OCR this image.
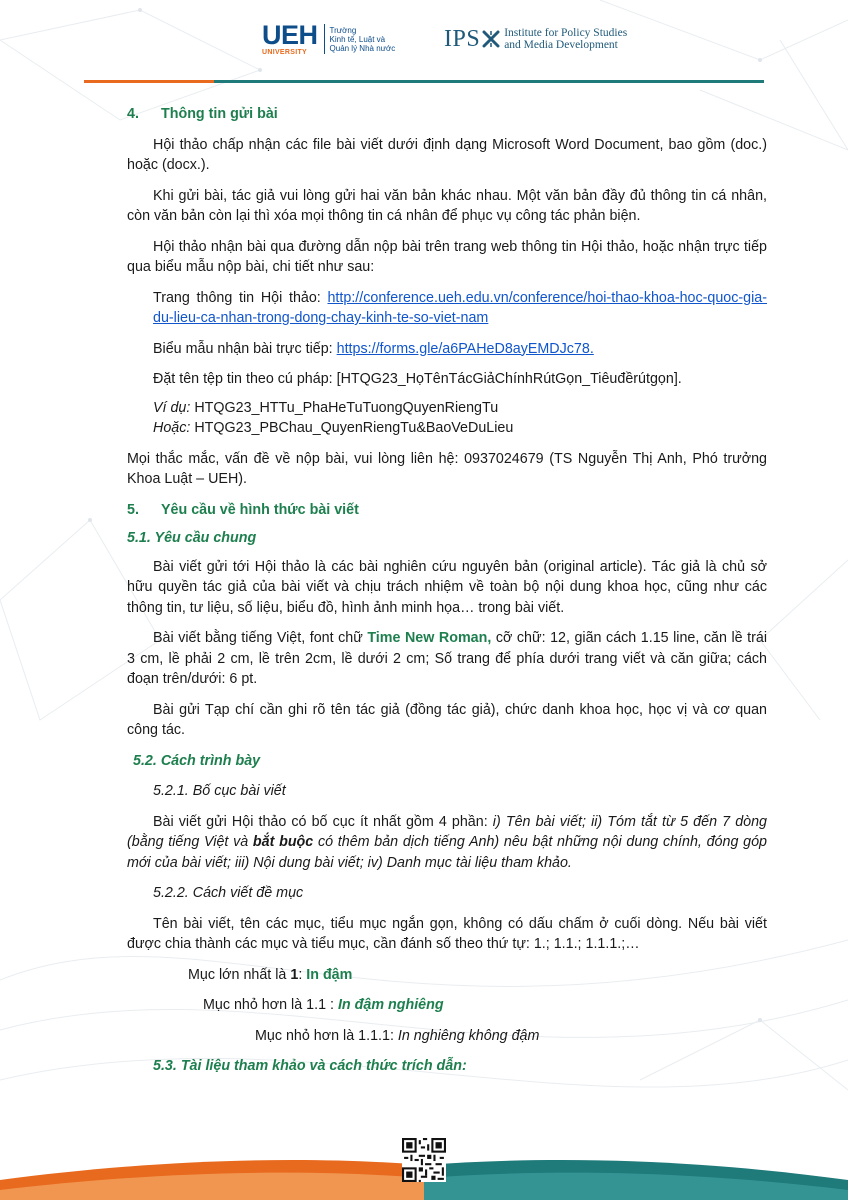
UEH
UNIVERSITY
Trường
Kinh tế, Luật và
Quản lý Nhà nước IPS Institute for Policy Studies
and Media Development

4. Thông tin gửi bài

Hội thảo chấp nhận các file bài viết dưới định dạng Microsoft Word Document, bao gồm (doc.) hoặc (docx.).

Khi gửi bài, tác giả vui lòng gửi hai văn bản khác nhau. Một văn bản đầy đủ thông tin cá nhân, còn văn bản còn lại thì xóa mọi thông tin cá nhân để phục vụ công tác phản biện.

Hội thảo nhận bài qua đường dẫn nộp bài trên trang web thông tin Hội thảo, hoặc nhận trực tiếp qua biểu mẫu nộp bài, chi tiết như sau:

Trang thông tin Hội thảo: http://conference.ueh.edu.vn/conference/hoi-thao-khoa-hoc-quoc-gia-du-lieu-ca-nhan-trong-dong-chay-kinh-te-so-viet-nam

Biểu mẫu nhận bài trực tiếp: https://forms.gle/a6PAHeD8ayEMDJc78.

Đặt tên tệp tin theo cú pháp: [HTQG23_HọTênTácGiảChínhRútGọn_Tiêuđềrútgọn].

Ví dụ: HTQG23_HTTu_PhaHeTuTuongQuyenRiengTu

Hoặc: HTQG23_PBChau_QuyenRiengTu&BaoVeDuLieu

Mọi thắc mắc, vấn đề về nộp bài, vui lòng liên hệ: 0937024679 (TS Nguyễn Thị Anh, Phó trưởng Khoa Luật – UEH).

5. Yêu cầu về hình thức bài viết

5.1. Yêu cầu chung

Bài viết gửi tới Hội thảo là các bài nghiên cứu nguyên bản (original article). Tác giả là chủ sở hữu quyền tác giả của bài viết và chịu trách nhiệm về toàn bộ nội dung khoa học, cũng như các thông tin, tư liệu, số liệu, biểu đồ, hình ảnh minh họa… trong bài viết.

Bài viết bằng tiếng Việt, font chữ Time New Roman, cỡ chữ: 12, giãn cách 1.15 line, căn lề trái 3 cm, lề phải 2 cm, lề trên 2cm, lề dưới 2 cm; Số trang để phía dưới trang viết và căn giữa; cách đoạn trên/dưới: 6 pt.

Bài gửi Tạp chí cần ghi rõ tên tác giả (đồng tác giả), chức danh khoa học, học vị và cơ quan công tác.

5.2. Cách trình bày

5.2.1. Bố cục bài viết

Bài viết gửi Hội thảo có bố cục ít nhất gồm 4 phần: i) Tên bài viết; ii) Tóm tắt từ 5 đến 7 dòng (bằng tiếng Việt và bắt buộc có thêm bản dịch tiếng Anh) nêu bật những nội dung chính, đóng góp mới của bài viết; iii) Nội dung bài viết; iv) Danh mục tài liệu tham khảo.

5.2.2. Cách viết đề mục

Tên bài viết, tên các mục, tiểu mục ngắn gọn, không có dấu chấm ở cuối dòng. Nếu bài viết được chia thành các mục và tiểu mục, cần đánh số theo thứ tự: 1.; 1.1.; 1.1.1.;…

Mục lớn nhất là 1: In đậm

Mục nhỏ hơn là 1.1 : In đậm nghiêng

Mục nhỏ hơn là 1.1.1: In nghiêng không đậm

5.3. Tài liệu tham khảo và cách thức trích dẫn:
